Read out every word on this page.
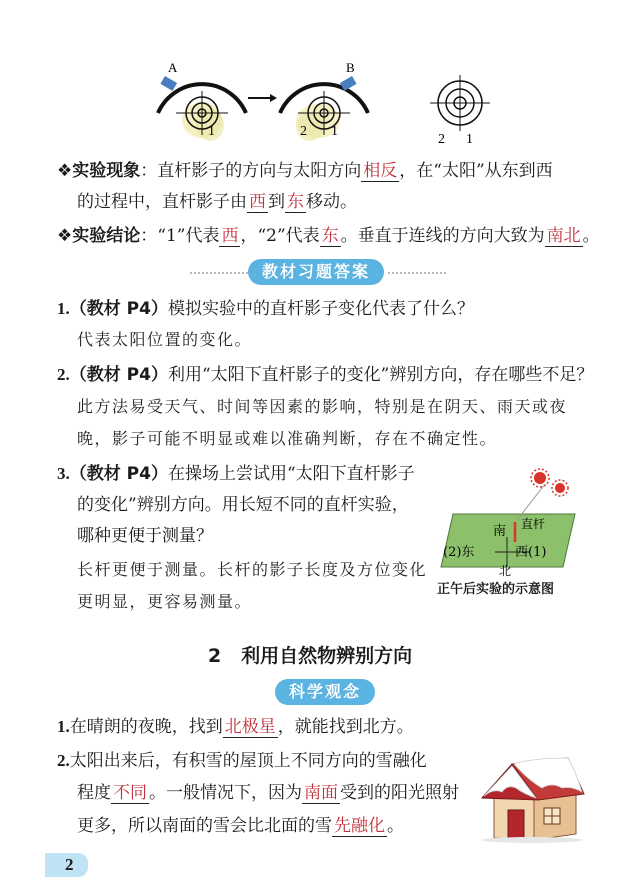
A
1
B
2 1
2 1
❖实验现象：直杆影子的方向与太阳方向 相反 ，在“太阳”从东到西
的过程中，直杆影子由 西 到 东 移动。
❖实验结论：“1”代表 西 ，“2”代表 东 。垂直于连线的方向大致为 南北 。
教材习题答案
1.（教材 P4）模拟实验中的直杆影子变化代表了什么？
代表太阳位置的变化。
2.（教材 P4）利用“太阳下直杆影子的变化”辨别方向，存在哪些不足？
此方法易受天气、时间等因素的影响，特别是在阴天、雨天或夜
晚，影子可能不明显或难以准确判断，存在不确定性。
3.（教材 P4）在操场上尝试用“太阳下直杆影子
的变化”辨别方向。用长短不同的直杆实验，
哪种更便于测量？
长杆更便于测量。长杆的影子长度及方位变化
更明显，更容易测量。
南 直杆
(2)东	西(1)
北
正午后实验的示意图
2 利用自然物辨别方向
科学观念
1.在晴朗的夜晚，找到 北极星 ，就能找到北方。
2.太阳出来后，有积雪的屋顶上不同方向的雪融化
程度 不同 。一般情况下，因为 南面 受到的阳光照射
更多，所以南面的雪会比北面的雪 先融化 。
2
